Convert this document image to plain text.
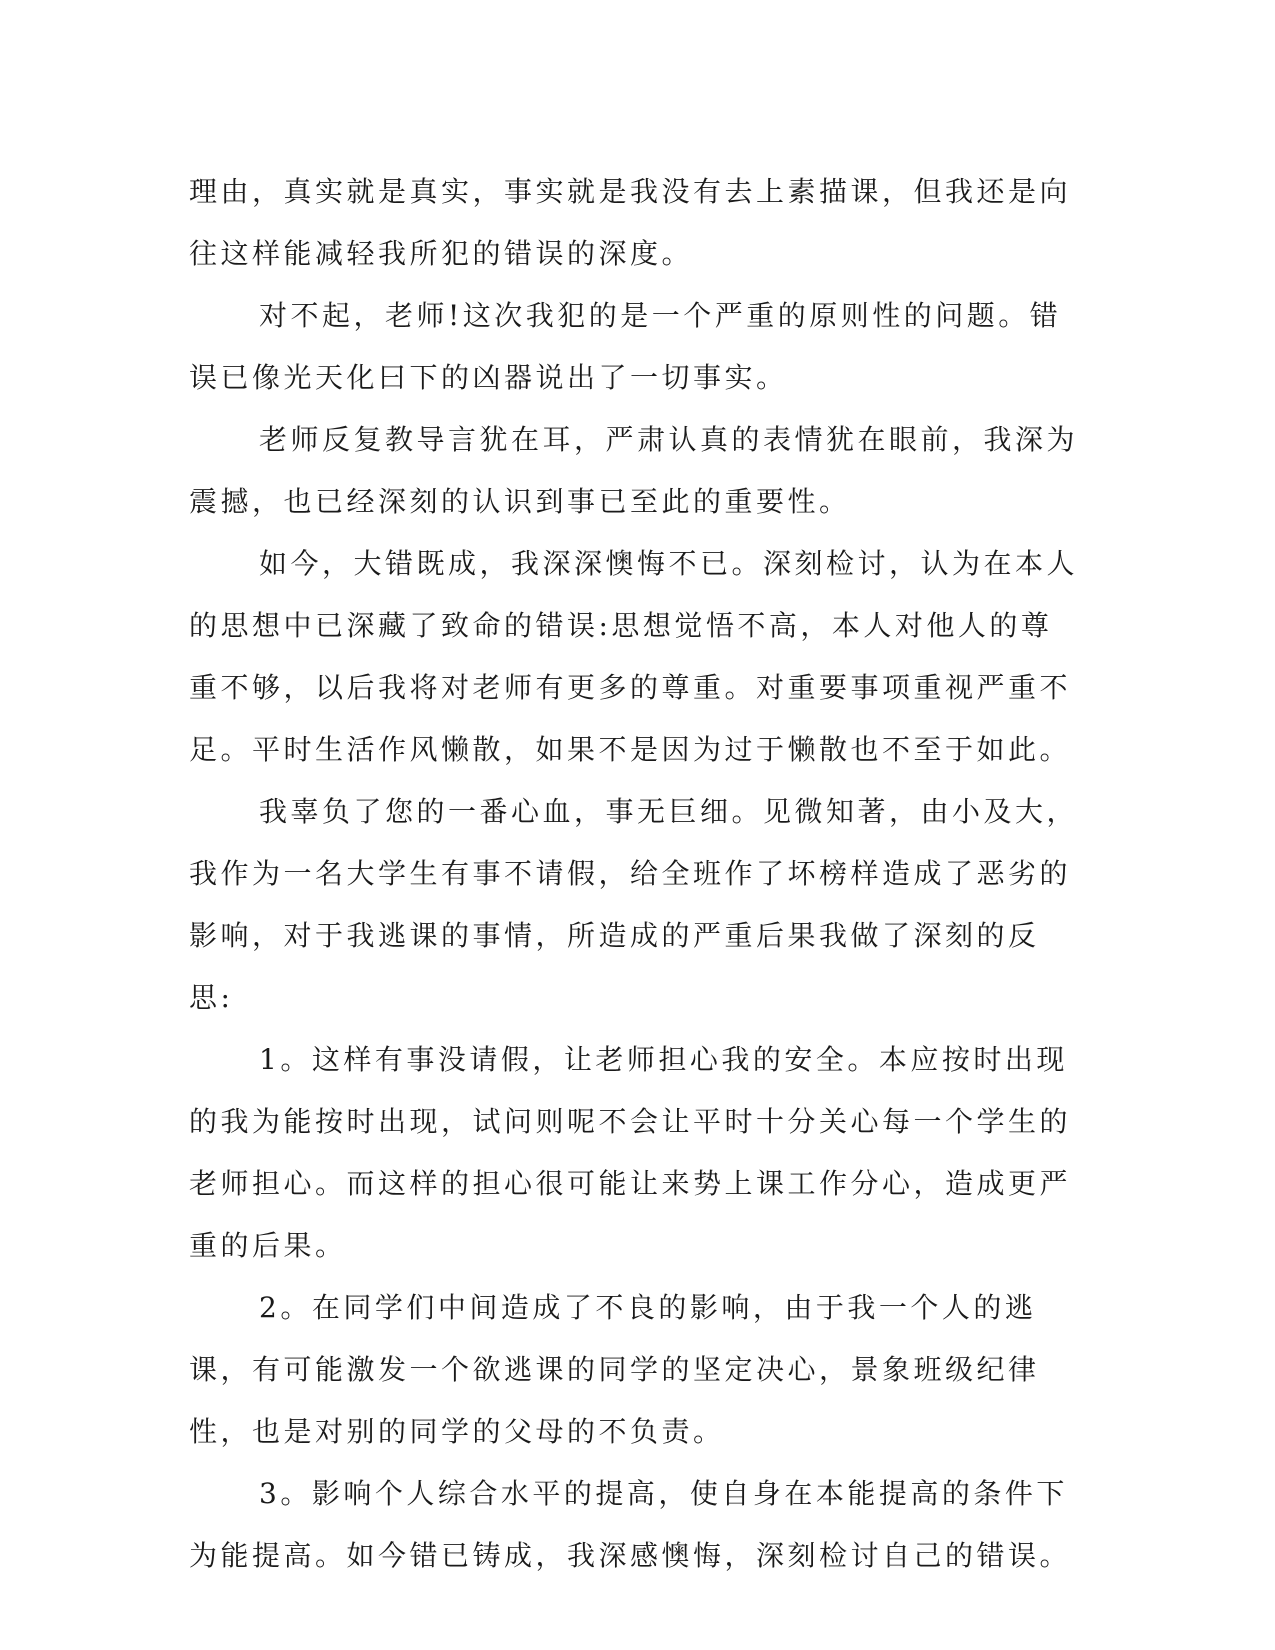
理由，真实就是真实，事实就是我没有去上素描课，但我还是向往这样能减轻我所犯的错误的深度。

对不起，老师!这次我犯的是一个严重的原则性的问题。错误已像光天化曰下的凶器说出了一切事实。

老师反复教导言犹在耳，严肃认真的表情犹在眼前，我深为震撼，也已经深刻的认识到事已至此的重要性。

如今，大错既成，我深深懊悔不已。深刻检讨，认为在本人的思想中已深藏了致命的错误:思想觉悟不高，本人对他人的尊重不够，以后我将对老师有更多的尊重。对重要事项重视严重不足。平时生活作风懒散，如果不是因为过于懒散也不至于如此。

我辜负了您的一番心血，事无巨细。见微知著，由小及大，我作为一名大学生有事不请假，给全班作了坏榜样造成了恶劣的影响，对于我逃课的事情，所造成的严重后果我做了深刻的反思:

1。这样有事没请假，让老师担心我的安全。本应按时出现的我为能按时出现，试问则呢不会让平时十分关心每一个学生的老师担心。而这样的担心很可能让来势上课工作分心，造成更严重的后果。

2。在同学们中间造成了不良的影响，由于我一个人的逃课，有可能激发一个欲逃课的同学的坚定决心，景象班级纪律性，也是对别的同学的父母的不负责。

3。影响个人综合水平的提高，使自身在本能提高的条件下为能提高。如今错已铸成，我深感懊悔，深刻检讨自己的错误。
